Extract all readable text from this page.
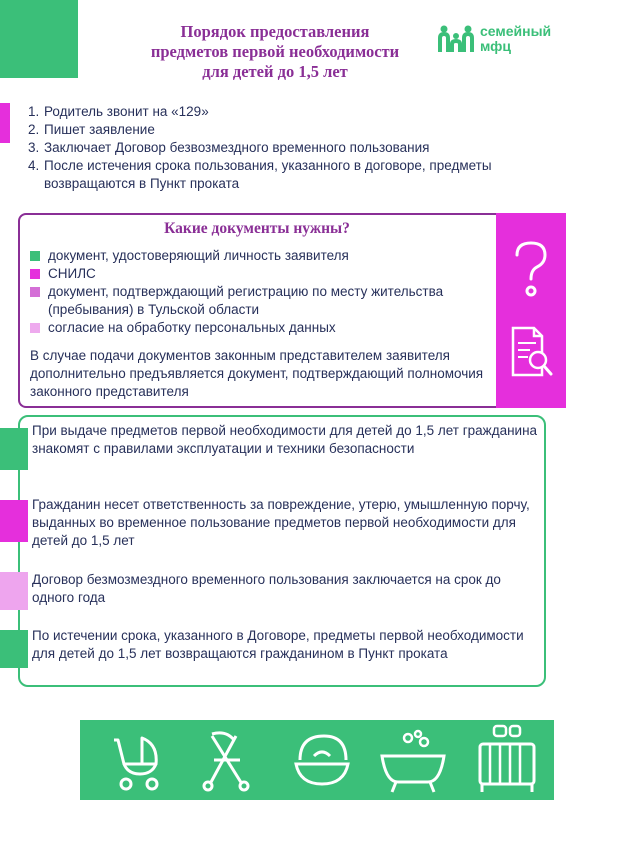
Порядок предоставления
предметов первой необходимости
для детей до 1,5 лет
семейный
мфц
1. Родитель звонит на «129»
2. Пишет заявление
3. Заключает Договор безвозмездного временного пользования
4. После истечения срока пользования, указанного в договоре, предметы возвращаются в Пункт проката
Какие документы нужны?
документ, удостоверяющий личность заявителя
СНИЛС
документ, подтверждающий регистрацию по месту жительства (пребывания) в Тульской области
согласие на обработку персональных данных
В случае подачи документов законным представителем заявителя дополнительно предъявляется документ, подтверждающий полномочия законного представителя
При выдаче предметов первой необходимости для детей до 1,5 лет гражданина знакомят с правилами эксплуатации и техники безопасности
Гражданин несет ответственность за повреждение, утерю, умышленную порчу, выданных во временное пользование предметов первой необходимости для детей до 1,5 лет
Договор безмозмездного временного пользования заключается на срок до одного года
По истечении срока, указанного в Договоре, предметы первой необходимости для детей до 1,5 лет возвращаются гражданином в Пункт проката
